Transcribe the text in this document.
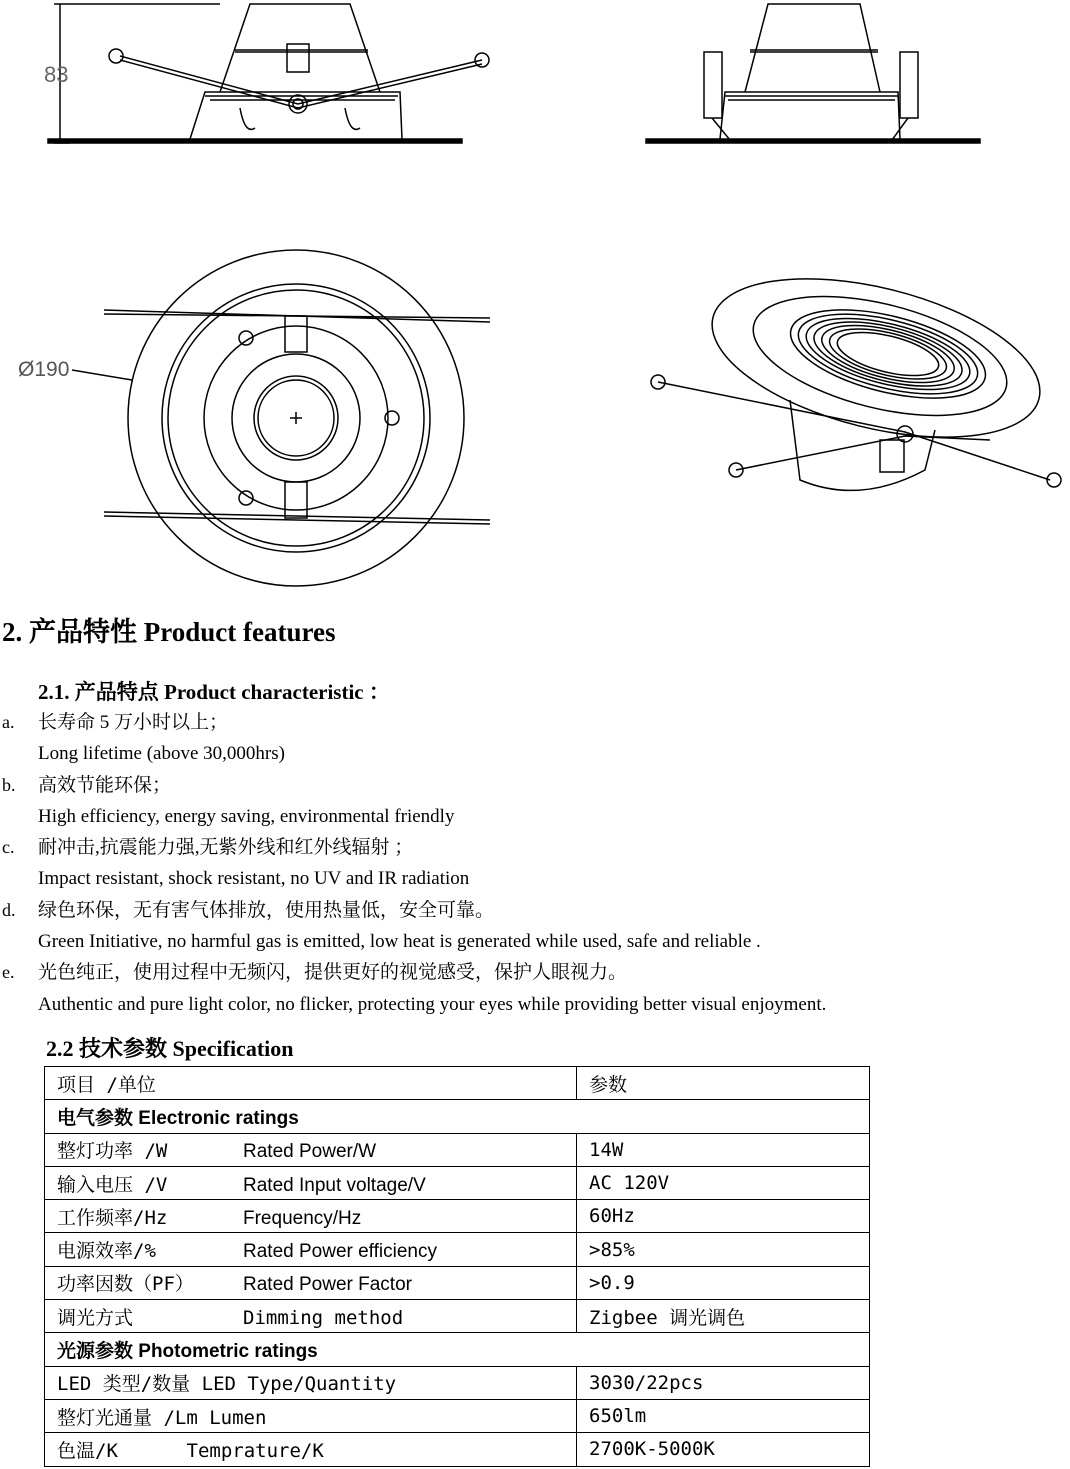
83
Ø190
2. 产品特性 Product features
2.1. 产品特点 Product characteristic ：
a. 长寿命 5 万小时以上；
Long lifetime (above 30,000hrs)
b. 高效节能环保；
High efficiency, energy saving, environmental friendly
c. 耐冲击,抗震能力强,无紫外线和红外线辐射 ；
Impact resistant, shock resistant, no UV and IR radiation
d. 绿色环保，无有害气体排放，使用热量低，安全可靠。
Green Initiative, no harmful gas is emitted, low heat is generated while used, safe and reliable .
e. 光色纯正，使用过程中无频闪，提供更好的视觉感受，保护人眼视力。
Authentic and pure light color, no flicker, protecting your eyes while providing better visual enjoyment.
2.2 技术参数 Specification
项目 /单位	参数
电气参数 Electronic ratings	
整灯功率 /W Rated Power/W	14W
输入电压 /V Rated Input voltage/V	AC 120V
工作频率/Hz Frequency/Hz	60Hz
电源效率/% Rated Power efficiency	>85%
功率因数（PF） Rated Power Factor	>0.9
调光方式 Dimming method	Zigbee 调光调色
光源参数 Photometric ratings	
LED 类型/数量 LED Type/Quantity	3030/22pcs
整灯光通量 /Lm Lumen	650lm
色温/K      Temprature/K	2700K-5000K
